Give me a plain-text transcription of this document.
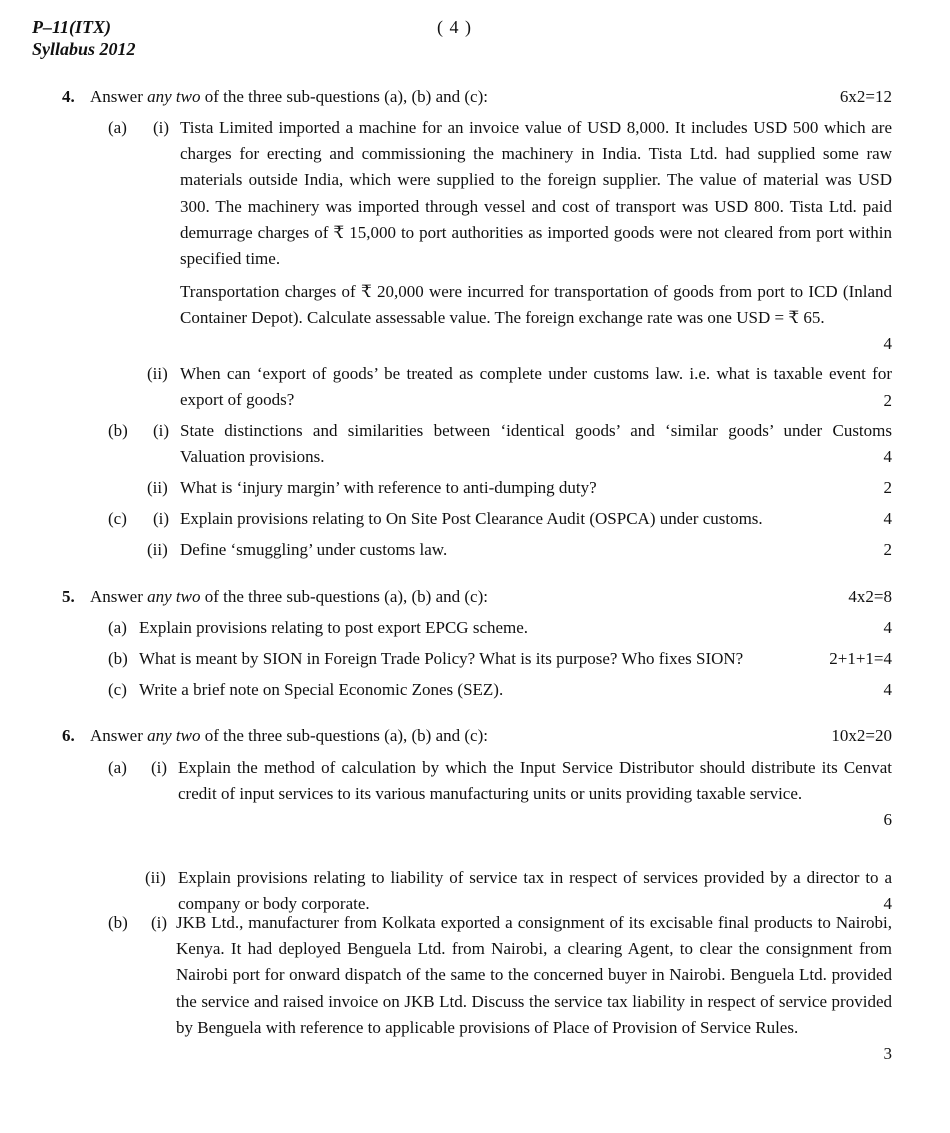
P–11(ITX)
Syllabus 2012
( 4 )
4. Answer any two of the three sub-questions (a), (b) and (c):	6x2=12
(a) (i) Tista Limited imported a machine for an invoice value of USD 8,000. It includes USD 500 which are charges for erecting and commissioning the machinery in India. Tista Ltd. had supplied some raw materials outside India, which were supplied to the foreign supplier. The value of material was USD 300. The machinery was imported through vessel and cost of transport was USD 800. Tista Ltd. paid demurrage charges of ₹ 15,000 to port authorities as imported goods were not cleared from port within specified time.
Transportation charges of ₹ 20,000 were incurred for transportation of goods from port to ICD (Inland Container Depot). Calculate assessable value. The foreign exchange rate was one USD = ₹ 65.
4
(ii) When can ‘export of goods’ be treated as complete under customs law. i.e. what is taxable event for export of goods?	2
(b) (i) State distinctions and similarities between ‘identical goods’ and ‘similar goods’ under Customs Valuation provisions.	4
(ii) What is ‘injury margin’ with reference to anti-dumping duty?	2
(c) (i) Explain provisions relating to On Site Post Clearance Audit (OSPCA) under customs.	4
(ii) Define ‘smuggling’ under customs law.	2
5. Answer any two of the three sub-questions (a), (b) and (c):	4x2=8
(a) Explain provisions relating to post export EPCG scheme.	4
(b) What is meant by SION in Foreign Trade Policy? What is its purpose? Who fixes SION?	2+1+1=4
(c) Write a brief note on Special Economic Zones (SEZ).	4
6. Answer any two of the three sub-questions (a), (b) and (c):	10x2=20
(a) (i) Explain the method of calculation by which the Input Service Distributor should distribute its Cenvat credit of input services to its various manufacturing units or units providing taxable service.
6
(ii) Explain provisions relating to liability of service tax in respect of services provided by a director to a company or body corporate.	4
(b) (i) JKB Ltd., manufacturer from Kolkata exported a consignment of its excisable final products to Nairobi, Kenya. It had deployed Benguela Ltd. from Nairobi, a clearing Agent, to clear the consignment from Nairobi port for onward dispatch of the same to the concerned buyer in Nairobi. Benguela Ltd. provided the service and raised invoice on JKB Ltd. Discuss the service tax liability in respect of service provided by Benguela with reference to applicable provisions of Place of Provision of Service Rules.
3
